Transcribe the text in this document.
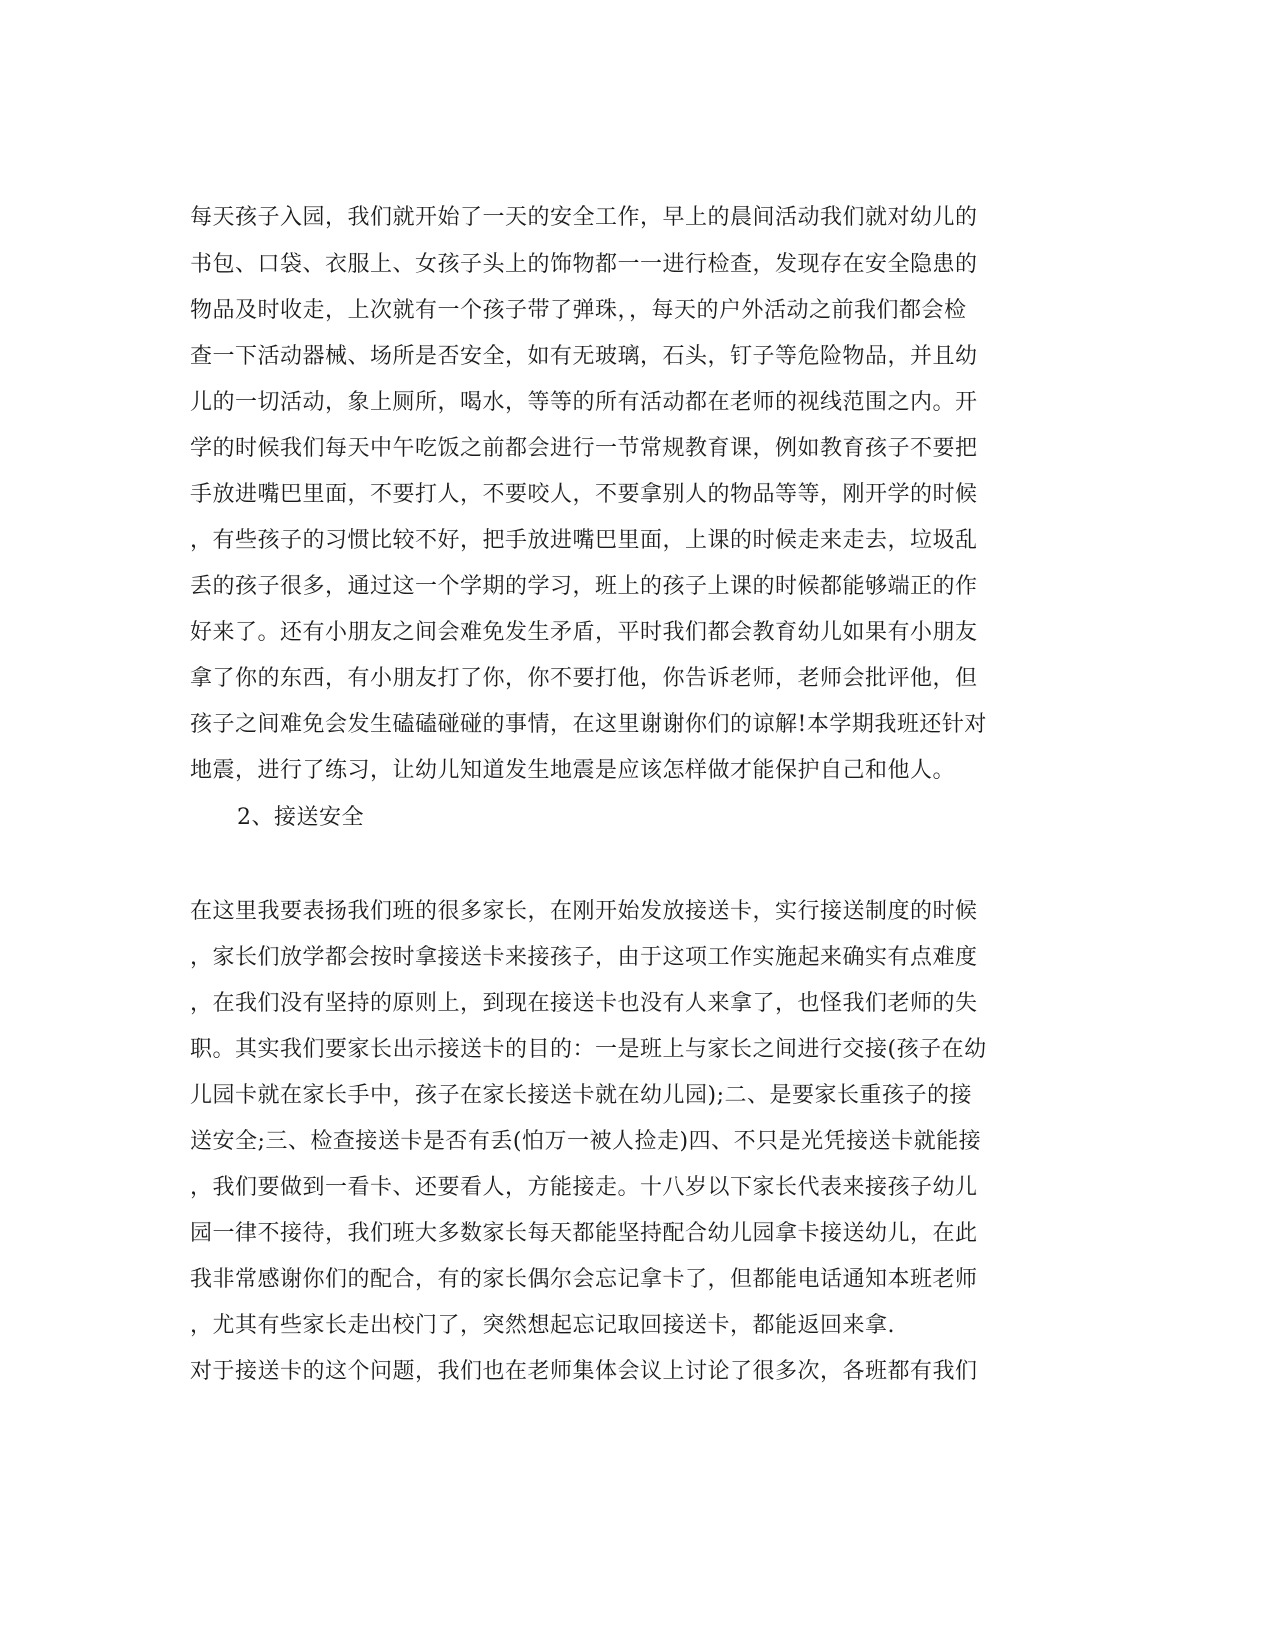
每天孩子入园，我们就开始了一天的安全工作，早上的晨间活动我们就对幼儿的
书包、口袋、衣服上、女孩子头上的饰物都一一进行检查，发现存在安全隐患的
物品及时收走，上次就有一个孩子带了弹珠，，每天的户外活动之前我们都会检
查一下活动器械、场所是否安全，如有无玻璃，石头，钉子等危险物品，并且幼
儿的一切活动，象上厕所，喝水，等等的所有活动都在老师的视线范围之内。开
学的时候我们每天中午吃饭之前都会进行一节常规教育课，例如教育孩子不要把
手放进嘴巴里面，不要打人，不要咬人，不要拿别人的物品等等，刚开学的时候
，有些孩子的习惯比较不好，把手放进嘴巴里面，上课的时候走来走去，垃圾乱
丢的孩子很多，通过这一个学期的学习，班上的孩子上课的时候都能够端正的作
好来了。还有小朋友之间会难免发生矛盾，平时我们都会教育幼儿如果有小朋友
拿了你的东西，有小朋友打了你，你不要打他，你告诉老师，老师会批评他，但
孩子之间难免会发生磕磕碰碰的事情，在这里谢谢你们的谅解!本学期我班还针对
地震，进行了练习，让幼儿知道发生地震是应该怎样做才能保护自己和他人。
2、接送安全
在这里我要表扬我们班的很多家长，在刚开始发放接送卡，实行接送制度的时候
，家长们放学都会按时拿接送卡来接孩子，由于这项工作实施起来确实有点难度
，在我们没有坚持的原则上，到现在接送卡也没有人来拿了，也怪我们老师的失
职。其实我们要家长出示接送卡的目的：一是班上与家长之间进行交接(孩子在幼
儿园卡就在家长手中，孩子在家长接送卡就在幼儿园);二、是要家长重孩子的接
送安全;三、检查接送卡是否有丢(怕万一被人捡走)四、不只是光凭接送卡就能接
，我们要做到一看卡、还要看人，方能接走。十八岁以下家长代表来接孩子幼儿
园一律不接待，我们班大多数家长每天都能坚持配合幼儿园拿卡接送幼儿，在此
我非常感谢你们的配合，有的家长偶尔会忘记拿卡了，但都能电话通知本班老师
，尤其有些家长走出校门了，突然想起忘记取回接送卡，都能返回来拿.
对于接送卡的这个问题，我们也在老师集体会议上讨论了很多次，各班都有我们
